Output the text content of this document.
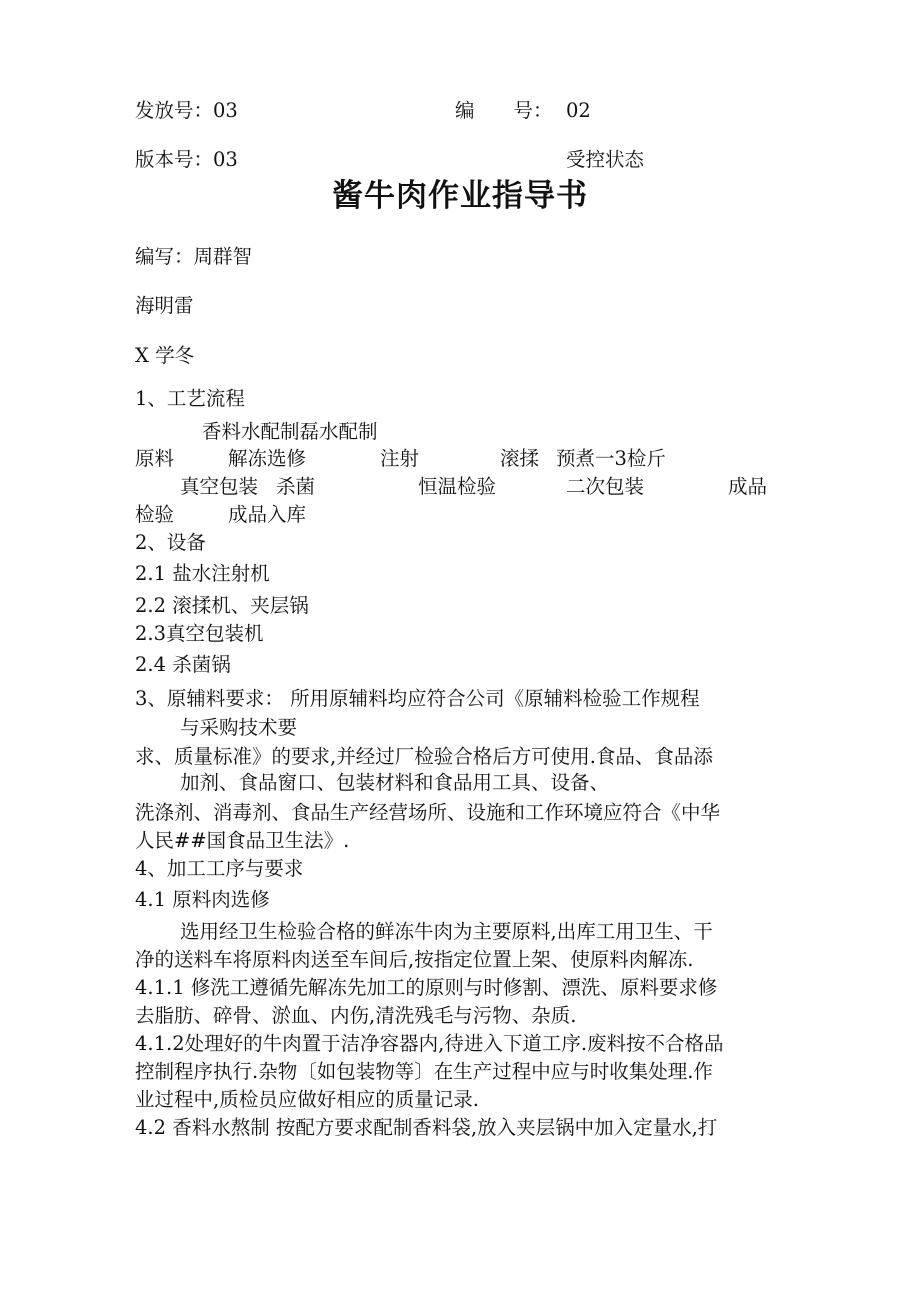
发放号：03	编　　号： 02
版本号：03	受控状态
酱牛肉作业指导书
编写：周群智
海明雷
X 学冬
1、工艺流程
香料水配制磊水配制
原料	解冻选修	注射	滚揉 预煮一3检斤
真空包装 杀菌	恒温检验	二次包装	成品
检验	成品入库
2、设备
2.1 盐水注射机
2.2 滚揉机、夹层锅
2.3真空包装机
2.4 杀菌锅
3、原辅料要求： 所用原辅料均应符合公司《原辅料检验工作规程
与采购技术要
求、质量标准》的要求,并经过厂检验合格后方可使用.食品、食品添
加剂、食品窗口、包装材料和食品用工具、设备、
洗涤剂、消毒剂、食品生产经营场所、设施和工作环境应符合《中华
人民##国食品卫生法》.
4、加工工序与要求
4.1 原料肉选修
选用经卫生检验合格的鲜冻牛肉为主要原料,出库工用卫生、干
净的送料车将原料肉送至车间后,按指定位置上架、使原料肉解冻.
4.1.1 修洗工遵循先解冻先加工的原则与时修割、漂洗、原料要求修
去脂肪、碎骨、淤血、内伤,清洗残毛与污物、杂质.
4.1.2处理好的牛肉置于洁净容器内,待进入下道工序.废料按不合格品
控制程序执行.杂物〔如包装物等〕在生产过程中应与时收集处理.作
业过程中,质检员应做好相应的质量记录.
4.2 香料水熬制 按配方要求配制香料袋,放入夹层锅中加入定量水,打
